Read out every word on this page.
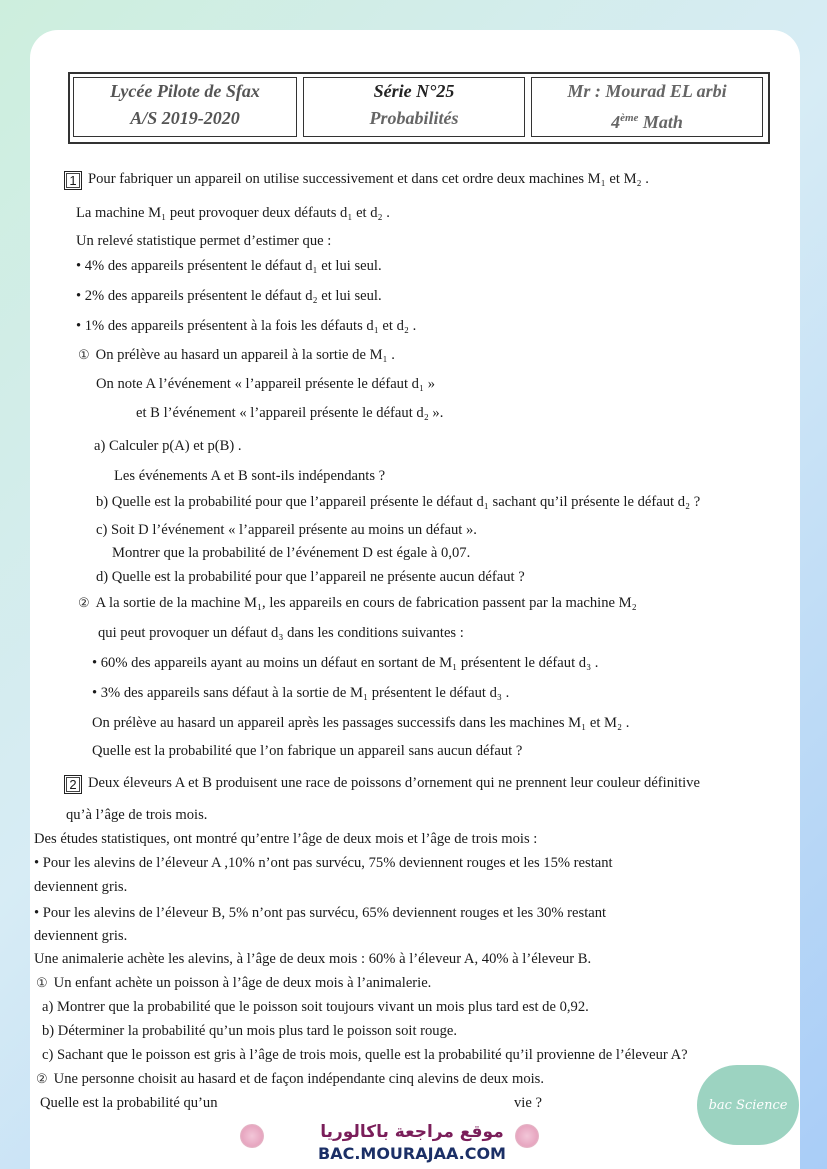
Lycée Pilote de Sfax
A/S 2019-2020
Série N°25
Probabilités
Mr : Mourad EL arbi
4ème Math
1 Pour fabriquer un appareil on utilise successivement et dans cet ordre deux machines M₁ et M₂ .
La machine M₁ peut provoquer deux défauts d₁ et d₂ .
Un relevé statistique permet d’estimer que :
• 4% des appareils présentent le défaut d₁ et lui seul.
• 2% des appareils présentent le défaut d₂ et lui seul.
• 1% des appareils présentent à la fois les défauts d₁ et d₂ .
① On prélève au hasard un appareil à la sortie de M₁ .
On note A l’événement « l’appareil présente le défaut d₁ »
et B l’événement « l’appareil présente le défaut d₂ ».
a) Calculer p(A) et p(B) .
Les événements A et B sont-ils indépendants ?
b) Quelle est la probabilité pour que l’appareil présente le défaut d₁ sachant qu’il présente le défaut d₂ ?
c) Soit D l’événement « l’appareil présente au moins un défaut ».
Montrer que la probabilité de l’événement D est égale à 0,07.
d) Quelle est la probabilité pour que l’appareil ne présente aucun défaut ?
② A la sortie de la machine M₁, les appareils en cours de fabrication passent par la machine M₂
qui peut provoquer un défaut d₃ dans les conditions suivantes :
• 60% des appareils ayant au moins un défaut en sortant de M₁ présentent le défaut d₃ .
• 3% des appareils sans défaut à la sortie de M₁ présentent le défaut d₃ .
On prélève au hasard un appareil après les passages successifs dans les machines M₁ et M₂ .
Quelle est la probabilité que l’on fabrique un appareil sans aucun défaut ?
2 Deux éleveurs A et B produisent une race de poissons d’ornement qui ne prennent leur couleur définitive
qu’à l’âge de trois mois.
Des études statistiques, ont montré qu’entre l’âge de deux mois et l’âge de trois mois :
• Pour les alevins de l’éleveur A ,10% n’ont pas survécu, 75% deviennent rouges et les 15% restant
deviennent gris.
• Pour les alevins de l’éleveur B, 5% n’ont pas survécu, 65% deviennent rouges et les 30% restant
deviennent gris.
Une animalerie achète les alevins, à l’âge de deux mois : 60% à l’éleveur A, 40% à l’éleveur B.
① Un enfant achète un poisson à l’âge de deux mois à l’animalerie.
a) Montrer que la probabilité que le poisson soit toujours vivant un mois plus tard est de 0,92.
b) Déterminer la probabilité qu’un mois plus tard le poisson soit rouge.
c) Sachant que le poisson est gris à l’âge de trois mois, quelle est la probabilité qu’il provienne de l’éleveur A?
② Une personne choisit au hasard et de façon indépendante cinq alevins de deux mois.
Quelle est la probabilité qu’un	vie ?
موقع مراجعة باكالوريا
BAC.MOURAJAA.COM
bac Science
